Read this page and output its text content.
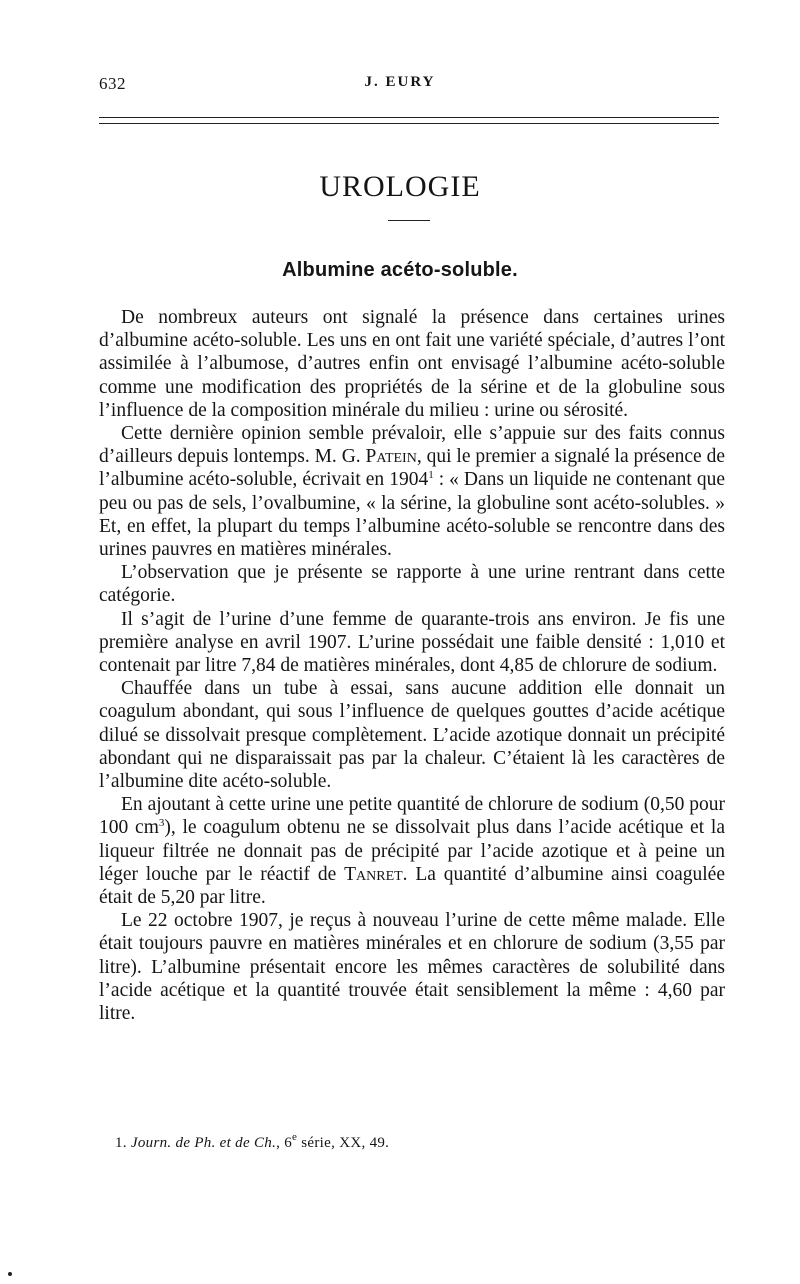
632	J. EURY
UROLOGIE
Albumine acéto-soluble.

De nombreux auteurs ont signalé la présence dans certaines urines d’albumine acéto-soluble. Les uns en ont fait une variété spéciale, d’autres l’ont assimilée à l’albumose, d’autres enfin ont envisagé l’albumine acéto-soluble comme une modification des propriétés de la sérine et de la globuline sous l’influence de la composition minérale du milieu : urine ou sérosité.

Cette dernière opinion semble prévaloir, elle s’appuie sur des faits connus d’ailleurs depuis lontemps. M. G. Patein, qui le premier a signalé la présence de l’albumine acéto-soluble, écrivait en 1904$^1$ : « Dans un liquide ne contenant que peu ou pas de sels, l’ovalbumine, « la sérine, la globuline sont acéto-solubles. » Et, en effet, la plupart du temps l’albumine acéto-soluble se rencontre dans des urines pauvres en matières minérales.

L’observation que je présente se rapporte à une urine rentrant dans cette catégorie.

Il s’agit de l’urine d’une femme de quarante-trois ans environ. Je fis une première analyse en avril 1907. L’urine possédait une faible densité : 1,010 et contenait par litre 7,84 de matières minérales, dont 4,85 de chlorure de sodium.

Chauffée dans un tube à essai, sans aucune addition elle donnait un coagulum abondant, qui sous l’influence de quelques gouttes d’acide acétique dilué se dissolvait presque complètement. L’acide azotique donnait un précipité abondant qui ne disparaissait pas par la chaleur. C’étaient là les caractères de l’albumine dite acéto-soluble.

En ajoutant à cette urine une petite quantité de chlorure de sodium (0,50 pour 100 $cm^3$), le coagulum obtenu ne se dissolvait plus dans l’acide acétique et la liqueur filtrée ne donnait pas de précipité par l’acide azotique et à peine un léger louche par le réactif de Tanret. La quantité d’albumine ainsi coagulée était de 5,20 par litre.

Le 22 octobre 1907, je reçus à nouveau l’urine de cette même malade. Elle était toujours pauvre en matières minérales et en chlorure de sodium (3,55 par litre). L’albumine présentait encore les mêmes caractères de solubilité dans l’acide acétique et la quantité trouvée était sensiblement la même : 4,60 par litre.

1. Journ. de Ph. et de Ch., 6e série, XX, 49.
